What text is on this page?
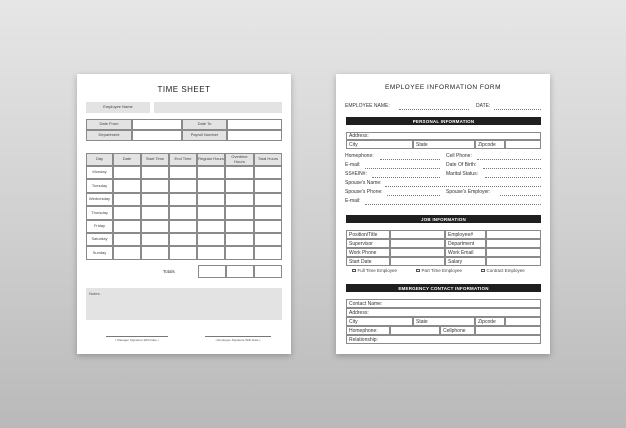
TIME SHEET
Employee Name
Date From	Date To
Department	Payroll Number
Day	Date	Start Time	End Time	Regular Hours	Overtime Hours	Total Hours
Monday
Tuesday
Wednesday
Thursday
Friday
Saturday
Sunday
Totals
Notes:
( Manager Signature With Date )	( Employee Signature With Date )
EMPLOYEE INFORMATION FORM
EMPLOYEE NAME:	DATE:
PERSONAL INFORMATION
Address:
City	State	Zipcode
Homephone:	Cell Phone:
E-mail:	Date Of Birth:
SS#EIN#:	Marital Status:
Spouse's Name:
Spouse's Phone:	Spouse's Employer:
E-mail:
JOB INFORMATION
Position/Title	Employee#
Supervisor	Department
Work Phone	Work Email
Start Date	Salary
Full Time Employee	Part Time Employee	Contract Employee
EMERGENCY CONTACT INFORMATION
Contact Name:
Address:
City	State	Zipcode
Homephone:	Cellphone
Relationship:
